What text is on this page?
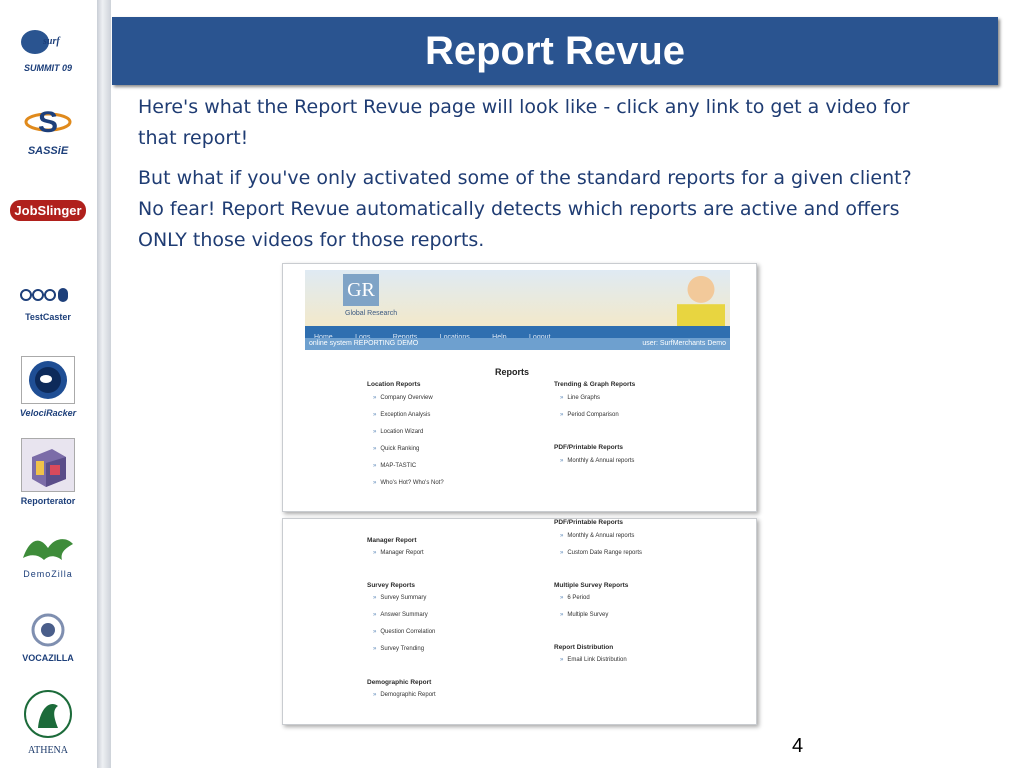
surf
SUMMIT 09
S
SASSiE
JobSlinger
TestCaster
VelociRacker
Reporterator
DemoZilla
VOCAZILLA
ATHENA
Report Revue

Here's what the Report Revue page will look like - click any link to get a video for that report!

But what if you've only activated some of the standard reports for a given client? No fear! Report Revue automatically detects which reports are active and offers ONLY those videos for those reports.

GR
Global Research

online system REPORTING DEMO	user: SurfMerchants Demo
Reports
Location Reports
» Company Overview
» Exception Analysis
» Location Wizard
» Quick Ranking
» MAP-TASTIC
» Who's Hot? Who's Not?
Trending & Graph Reports
» Line Graphs
» Period Comparison
PDF/Printable Reports
» Monthly & Annual reports
PDF/Printable Reports
» Monthly & Annual reports
» Custom Date Range reports
Manager Report
» Manager Report
Survey Reports
» Survey Summary
» Answer Summary
» Question Correlation
» Survey Trending
Multiple Survey Reports
» 6 Period
» Multiple Survey
Report Distribution
» Email Link Distribution
Demographic Report
» Demographic Report
4
